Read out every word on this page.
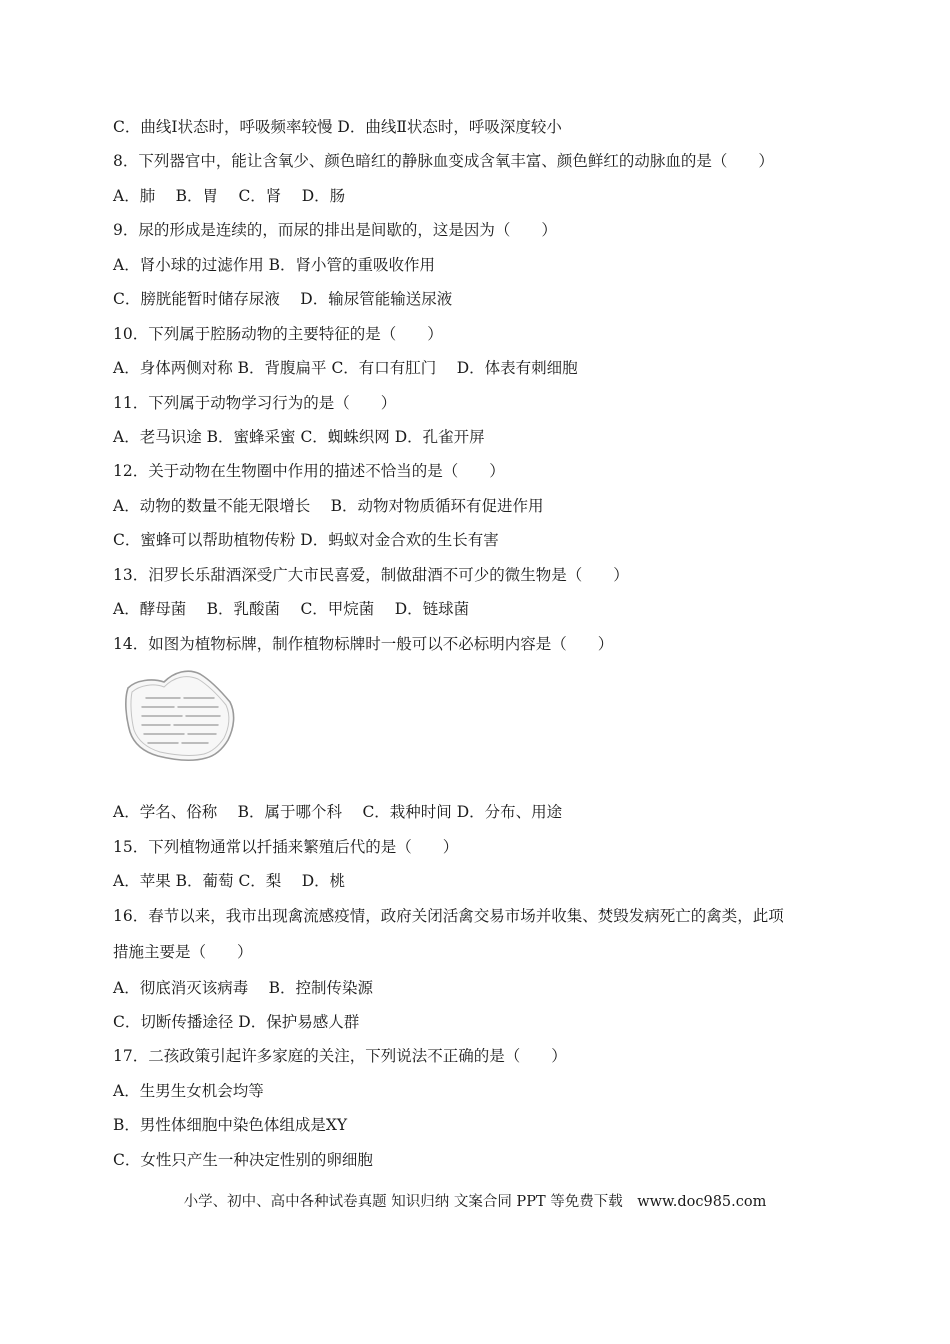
C．曲线Ⅰ状态时，呼吸频率较慢 D．曲线Ⅱ状态时，呼吸深度较小
8．下列器官中，能让含氧少、颜色暗红的静脉血变成含氧丰富、颜色鲜红的动脉血的是（　　）
A．肺　 B．胃　 C．肾　 D．肠
9．尿的形成是连续的，而尿的排出是间歇的，这是因为（　　）
A．肾小球的过滤作用 B．肾小管的重吸收作用
C．膀胱能暂时储存尿液　 D．输尿管能输送尿液
10．下列属于腔肠动物的主要特征的是（　　）
A．身体两侧对称 B．背腹扁平 C．有口有肛门　 D．体表有刺细胞
11．下列属于动物学习行为的是（　　）
A．老马识途 B．蜜蜂采蜜 C．蜘蛛织网 D．孔雀开屏
12．关于动物在生物圈中作用的描述不恰当的是（　　）
A．动物的数量不能无限增长　 B．动物对物质循环有促进作用
C．蜜蜂可以帮助植物传粉 D．蚂蚁对金合欢的生长有害
13．汨罗长乐甜酒深受广大市民喜爱，制做甜酒不可少的微生物是（　　）
A．酵母菌　 B．乳酸菌　 C．甲烷菌　 D．链球菌
14．如图为植物标牌，制作植物标牌时一般可以不必标明内容是（　　）
A．学名、俗称　 B．属于哪个科　 C．栽种时间 D．分布、用途
15．下列植物通常以扦插来繁殖后代的是（　　）
A．苹果 B．葡萄 C．梨　 D．桃
16．春节以来，我市出现禽流感疫情，政府关闭活禽交易市场并收集、焚毁发病死亡的禽类，此项
措施主要是（　　）
A．彻底消灭该病毒　 B．控制传染源
C．切断传播途径 D．保护易感人群
17．二孩政策引起许多家庭的关注，下列说法不正确的是（　　）
A．生男生女机会均等
B．男性体细胞中染色体组成是XY
C．女性只产生一种决定性别的卵细胞
小学、初中、高中各种试卷真题 知识归纳 文案合同 PPT 等免费下载　www.doc985.com
